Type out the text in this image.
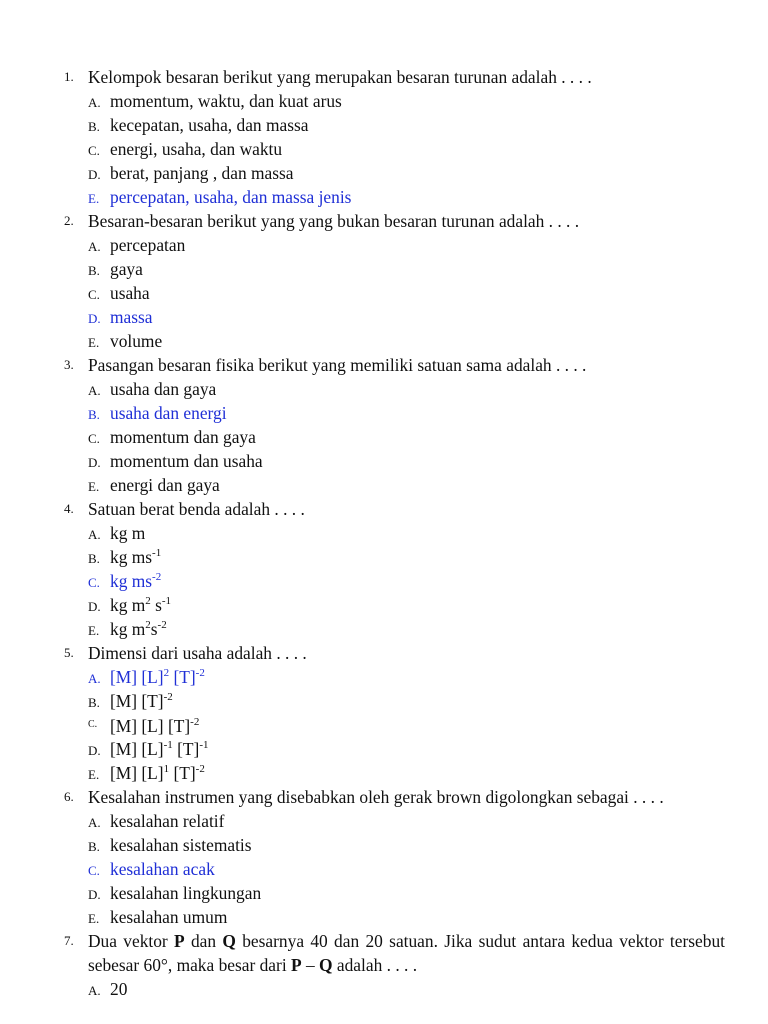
1. Kelompok besaran berikut yang merupakan besaran turunan adalah . . . .
A. momentum, waktu, dan kuat arus
B. kecepatan, usaha, dan massa
C. energi, usaha, dan waktu
D. berat, panjang , dan massa
E. percepatan, usaha, dan massa jenis
2. Besaran-besaran berikut yang yang bukan besaran turunan adalah . . . .
A. percepatan
B. gaya
C. usaha
D. massa
E. volume
3. Pasangan besaran fisika berikut yang memiliki satuan sama adalah . . . .
A. usaha dan gaya
B. usaha dan energi
C. momentum dan gaya
D. momentum dan usaha
E. energi dan gaya
4. Satuan berat benda adalah . . . .
A. kg m
B. kg $ms^{-1}$
C. kg $ms^{-2}$
D. kg $m^2$ $s^{-1}$
E. kg $m^2s^{-2}$
5. Dimensi dari usaha adalah . . . .
A. [M] $[L]^2$ $[T]^{-2}$
B. [M] $[T]^{-2}$
C. [M] [L] $[T]^{-2}$
D. [M] $[L]^{-1}$ $[T]^{-1}$
E. [M] $[L]^1$ $[T]^{-2}$
6. Kesalahan instrumen yang disebabkan oleh gerak brown digolongkan sebagai . . . .
A. kesalahan relatif
B. kesalahan sistematis
C. kesalahan acak
D. kesalahan lingkungan
E. kesalahan umum
7. Dua vektor P dan Q besarnya 40 dan 20 satuan. Jika sudut antara kedua vektor tersebut sebesar 60°, maka besar dari P – Q adalah . . . .
A. 20
